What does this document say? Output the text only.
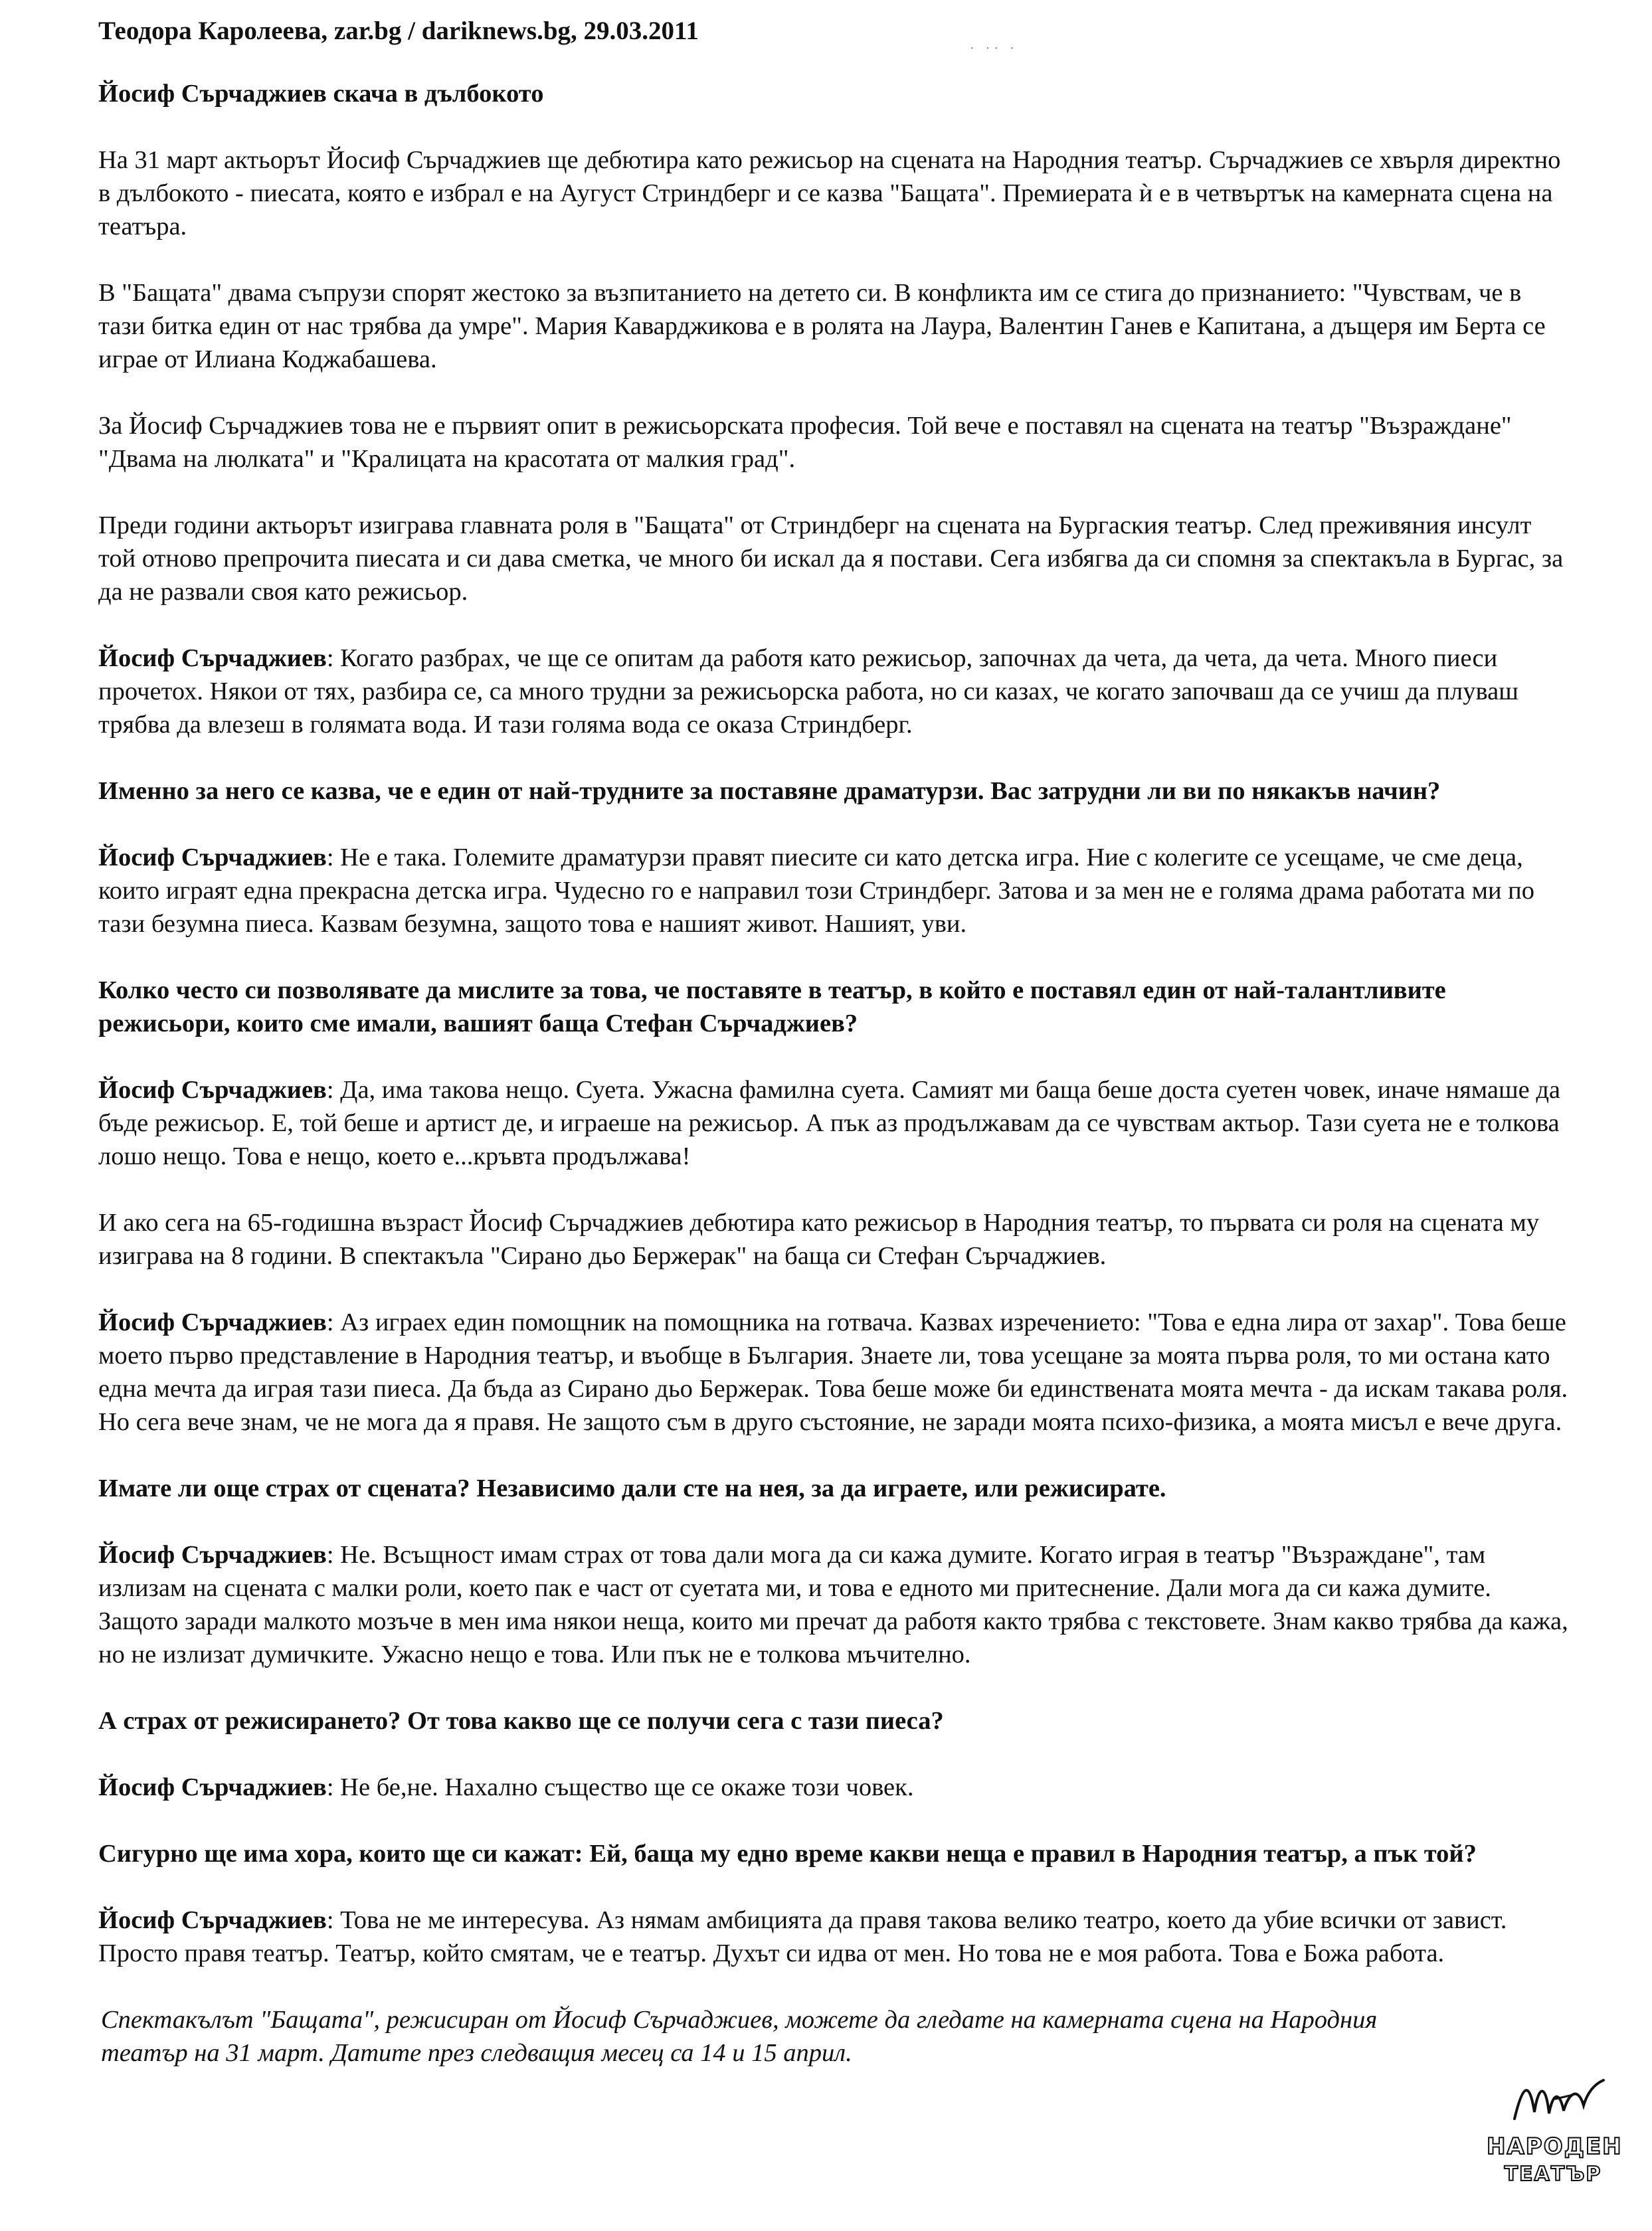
Теодора Каролеева, zar.bg / dariknews.bg, 29.03.2011
· ·· ·

Йосиф Сърчаджиев скача в дълбокото

На 31 март актьорът Йосиф Сърчаджиев ще дебютира като режисьор на сцената на Народния театър. Сърчаджиев се хвърля директно в дълбокото - пиесата, която е избрал е на Аугуст Стриндберг и се казва "Бащата". Премиерата ѝ е в четвъртък на камерната сцена на театъра.

В "Бащата" двама съпрузи спорят жестоко за възпитанието на детето си. В конфликта им се стига до признанието: "Чувствам, че в тази битка един от нас трябва да умре". Мария Каварджикова е в ролята на Лаура, Валентин Ганев е Капитана, а дъщеря им Берта се играе от Илиана Коджабашева.

За Йосиф Сърчаджиев това не е първият опит в режисьорската професия. Той вече е поставял на сцената на театър "Възраждане" "Двама на люлката" и "Кралицата на красотата от малкия град".

Преди години актьорът изиграва главната роля в "Бащата" от Стриндберг на сцената на Бургаския театър. След преживяния инсулт той отново препрочита пиесата и си дава сметка, че много би искал да я постави. Сега избягва да си спомня за спектакъла в Бургас, за да не развали своя като режисьор.

Йосиф Сърчаджиев: Когато разбрах, че ще се опитам да работя като режисьор, започнах да чета, да чета, да чета. Много пиеси прочетох. Някои от тях, разбира се, са много трудни за режисьорска работа, но си казах, че когато започваш да се учиш да плуваш трябва да влезеш в голямата вода. И тази голяма вода се оказа Стриндберг.

Именно за него се казва, че е един от най-трудните за поставяне драматурзи. Вас затрудни ли ви по някакъв начин?

Йосиф Сърчаджиев: Не е така. Големите драматурзи правят пиесите си като детска игра. Ние с колегите се усещаме, че сме деца, които играят една прекрасна детска игра. Чудесно го е направил този Стриндберг. Затова и за мен не е голяма драма работата ми по тази безумна пиеса. Казвам безумна, защото това е нашият живот. Нашият, уви.

Колко често си позволявате да мислите за това, че поставяте в театър, в който е поставял един от най-талантливите режисьори, които сме имали, вашият баща Стефан Сърчаджиев?

Йосиф Сърчаджиев: Да, има такова нещо. Суета. Ужасна фамилна суета. Самият ми баща беше доста суетен човек, иначе нямаше да бъде режисьор. Е, той беше и артист де, и играеше на режисьор. А пък аз продължавам да се чувствам актьор. Тази суета не е толкова лошо нещо. Това е нещо, което е...кръвта продължава!

И ако сега на 65-годишна възраст Йосиф Сърчаджиев дебютира като режисьор в Народния театър, то първата си роля на сцената му изиграва на 8 години. В спектакъла "Сирано дьо Бержерак" на баща си Стефан Сърчаджиев.

Йосиф Сърчаджиев: Аз играех един помощник на помощника на готвача. Казвах изречението: "Това е една лира от захар". Това беше моето първо представление в Народния театър, и въобще в България. Знаете ли, това усещане за моята първа роля, то ми остана като една мечта да играя тази пиеса. Да бъда аз Сирано дьо Бержерак. Това беше може би единствената моята мечта - да искам такава роля. Но сега вече знам, че не мога да я правя. Не защото съм в друго състояние, не заради моята психо-физика, а моята мисъл е вече друга.

Имате ли още страх от сцената? Независимо дали сте на нея, за да играете, или режисирате.

Йосиф Сърчаджиев: Не. Всъщност имам страх от това дали мога да си кажа думите. Когато играя в театър "Възраждане", там излизам на сцената с малки роли, което пак е част от суетата ми, и това е едното ми притеснение. Дали мога да си кажа думите. Защото заради малкото мозъче в мен има някои неща, които ми пречат да работя както трябва с текстовете. Знам какво трябва да кажа, но не излизат думичките. Ужасно нещо е това. Или пък не е толкова мъчително.

А страх от режисирането? От това какво ще се получи сега с тази пиеса?

Йосиф Сърчаджиев: Не бе,не. Нахално същество ще се окаже този човек.

Сигурно ще има хора, които ще си кажат: Ей, баща му едно време какви неща е правил в Народния театър, а пък той?

Йосиф Сърчаджиев: Това не ме интересува. Аз нямам амбицията да правя такова велико театро, което да убие всички от завист. Просто правя театър. Театър, който смятам, че е театър. Духът си идва от мен. Но това не е моя работа. Това е Божа работа.

Спектакълът "Бащата", режисиран от Йосиф Сърчаджиев, можете да гледате на камерната сцена на Народния театър на 31 март. Датите през следващия месец са 14 и 15 април.

НАРОДЕН
ТЕАТЪР
